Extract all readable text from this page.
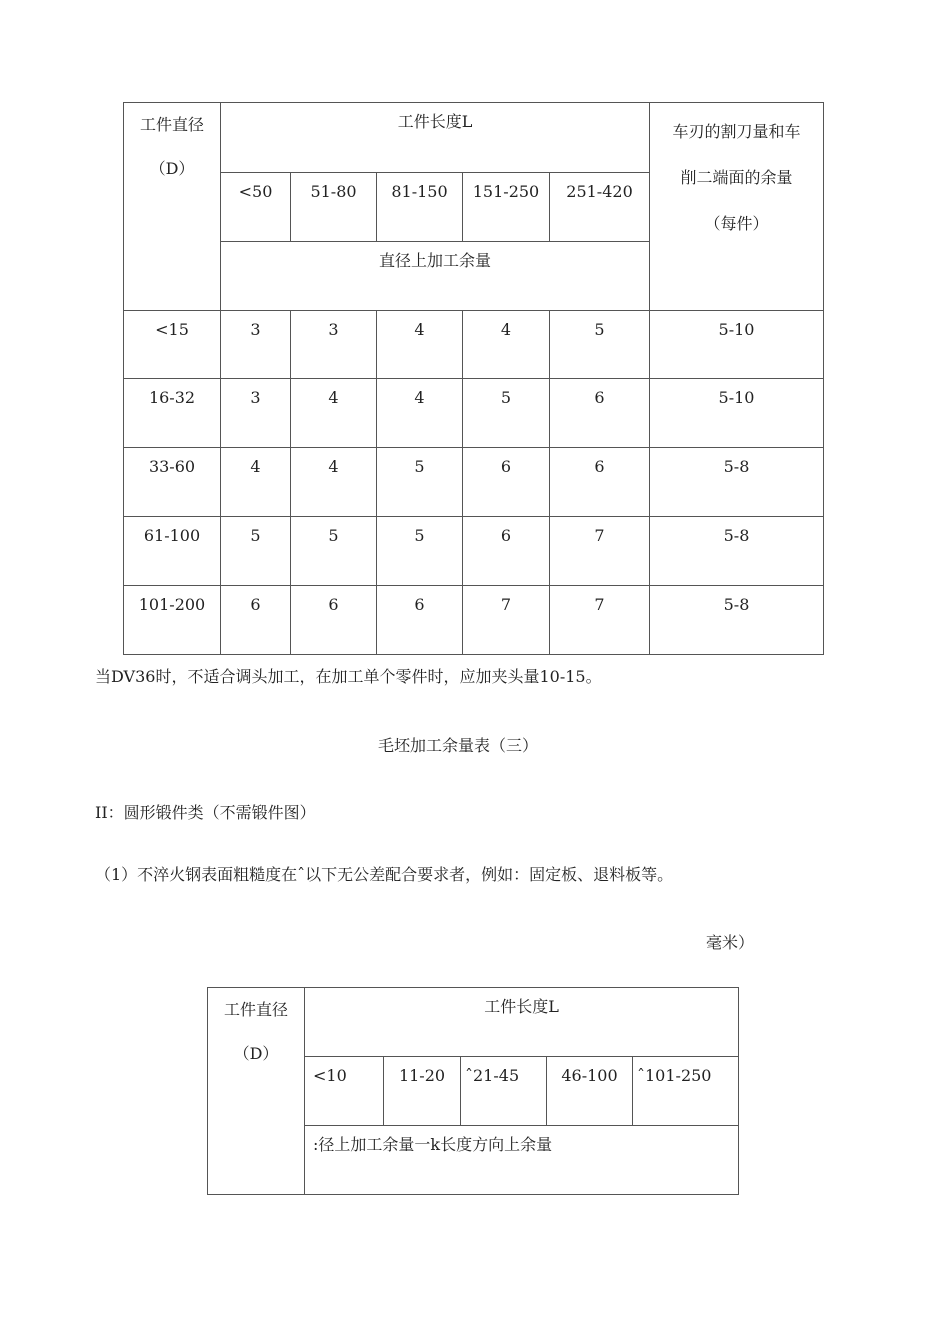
工件直径
（D）	工件长度L					车刃的割刀量和车
削二端面的余量
（每件）

	<50	51-80	81-150	151-250	251-420	

	直径上加工余量					

<15	3	3	4	4	5	5-10

16-32	3	4	4	5	6	5-10

33-60	4	4	5	6	6	5-8

61-100	5	5	5	6	7	5-8

101-200	6	6	6	7	7	5-8
当DV36时，不适合调头加工，在加工单个零件时，应加夹头量10-15。
毛坯加工余量表（三）
II：圆形锻件类（不需锻件图）
（1）不淬火钢表面粗糙度在ˆ以下无公差配合要求者，例如：固定板、退料板等。
毫米）
工件直径
（D）	工件长度L				

	<10	11-20	ˆ21-45	46-100	ˆ101-250

	:径上加工余量一k长度方向上余量				
